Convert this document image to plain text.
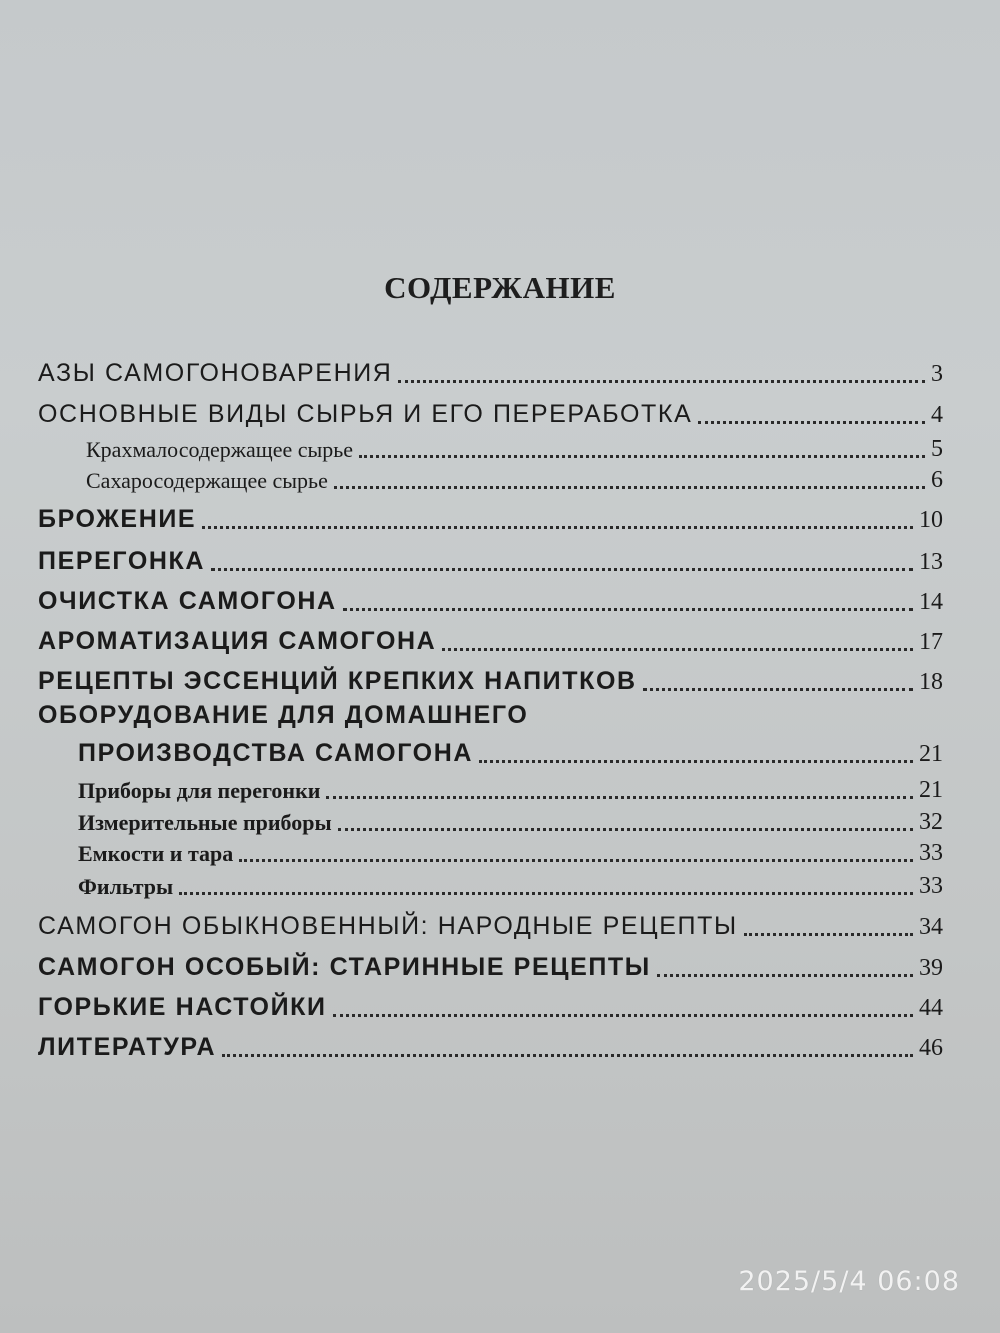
СОДЕРЖАНИЕ
АЗЫ САМОГОНОВАРЕНИЯ	3
ОСНОВНЫЕ ВИДЫ СЫРЬЯ И ЕГО ПЕРЕРАБОТКА	4
Крахмалосодержащее сырье	5
Сахаросодержащее сырье	6
БРОЖЕНИЕ	10
ПЕРЕГОНКА	13
ОЧИСТКА САМОГОНА	14
АРОМАТИЗАЦИЯ САМОГОНА	17
РЕЦЕПТЫ ЭССЕНЦИЙ КРЕПКИХ НАПИТКОВ	18
ОБОРУДОВАНИЕ ДЛЯ ДОМАШНЕГО
ПРОИЗВОДСТВА САМОГОНА	21
Приборы для перегонки	21
Измерительные приборы	32
Емкости и тара	33
Фильтры	33
САМОГОН ОБЫКНОВЕННЫЙ: НАРОДНЫЕ РЕЦЕПТЫ	34
САМОГОН ОСОБЫЙ: СТАРИННЫЕ РЕЦЕПТЫ	39
ГОРЬКИЕ НАСТОЙКИ	44
ЛИТЕРАТУРА	46
2025/5/4 06:08
